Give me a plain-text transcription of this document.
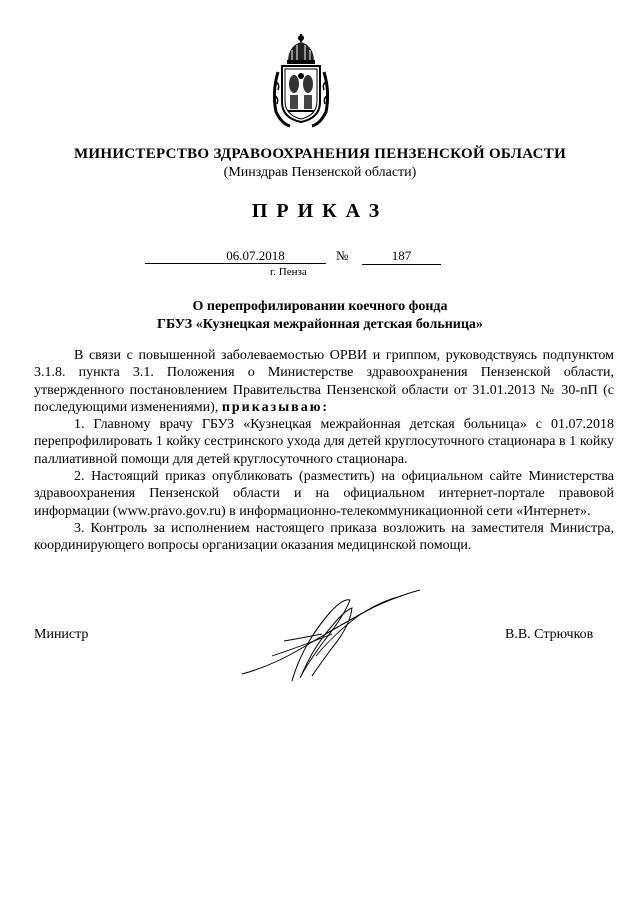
МИНИСТЕРСТВО ЗДРАВООХРАНЕНИЯ ПЕНЗЕНСКОЙ ОБЛАСТИ
(Минздрав Пензенской области)
ПРИКАЗ
06.07.2018	№	187
г. Пенза
О перепрофилировании коечного фонда
ГБУЗ «Кузнецкая межрайонная детская больница»

В связи с повышенной заболеваемостью ОРВИ и гриппом, руководствуясь подпунктом 3.1.8. пункта 3.1. Положения о Министерстве здравоохранения Пензенской области, утвержденного постановлением Правительства Пензенской области от 31.01.2013 № 30-пП (с последующими изменениями), приказываю:

1. Главному врачу ГБУЗ «Кузнецкая межрайонная детская больница» с 01.07.2018 перепрофилировать 1 койку сестринского ухода для детей круглосуточного стационара в 1 койку паллиативной помощи для детей круглосуточного стационара.

2. Настоящий приказ опубликовать (разместить) на официальном сайте Министерства здравоохранения Пензенской области и на официальном интернет-портале правовой информации (www.pravo.gov.ru) в информационно-телекоммуникационной сети «Интернет».

3. Контроль за исполнением настоящего приказа возложить на заместителя Министра, координирующего вопросы организации оказания медицинской помощи.

Министр	В.В. Стрючков
